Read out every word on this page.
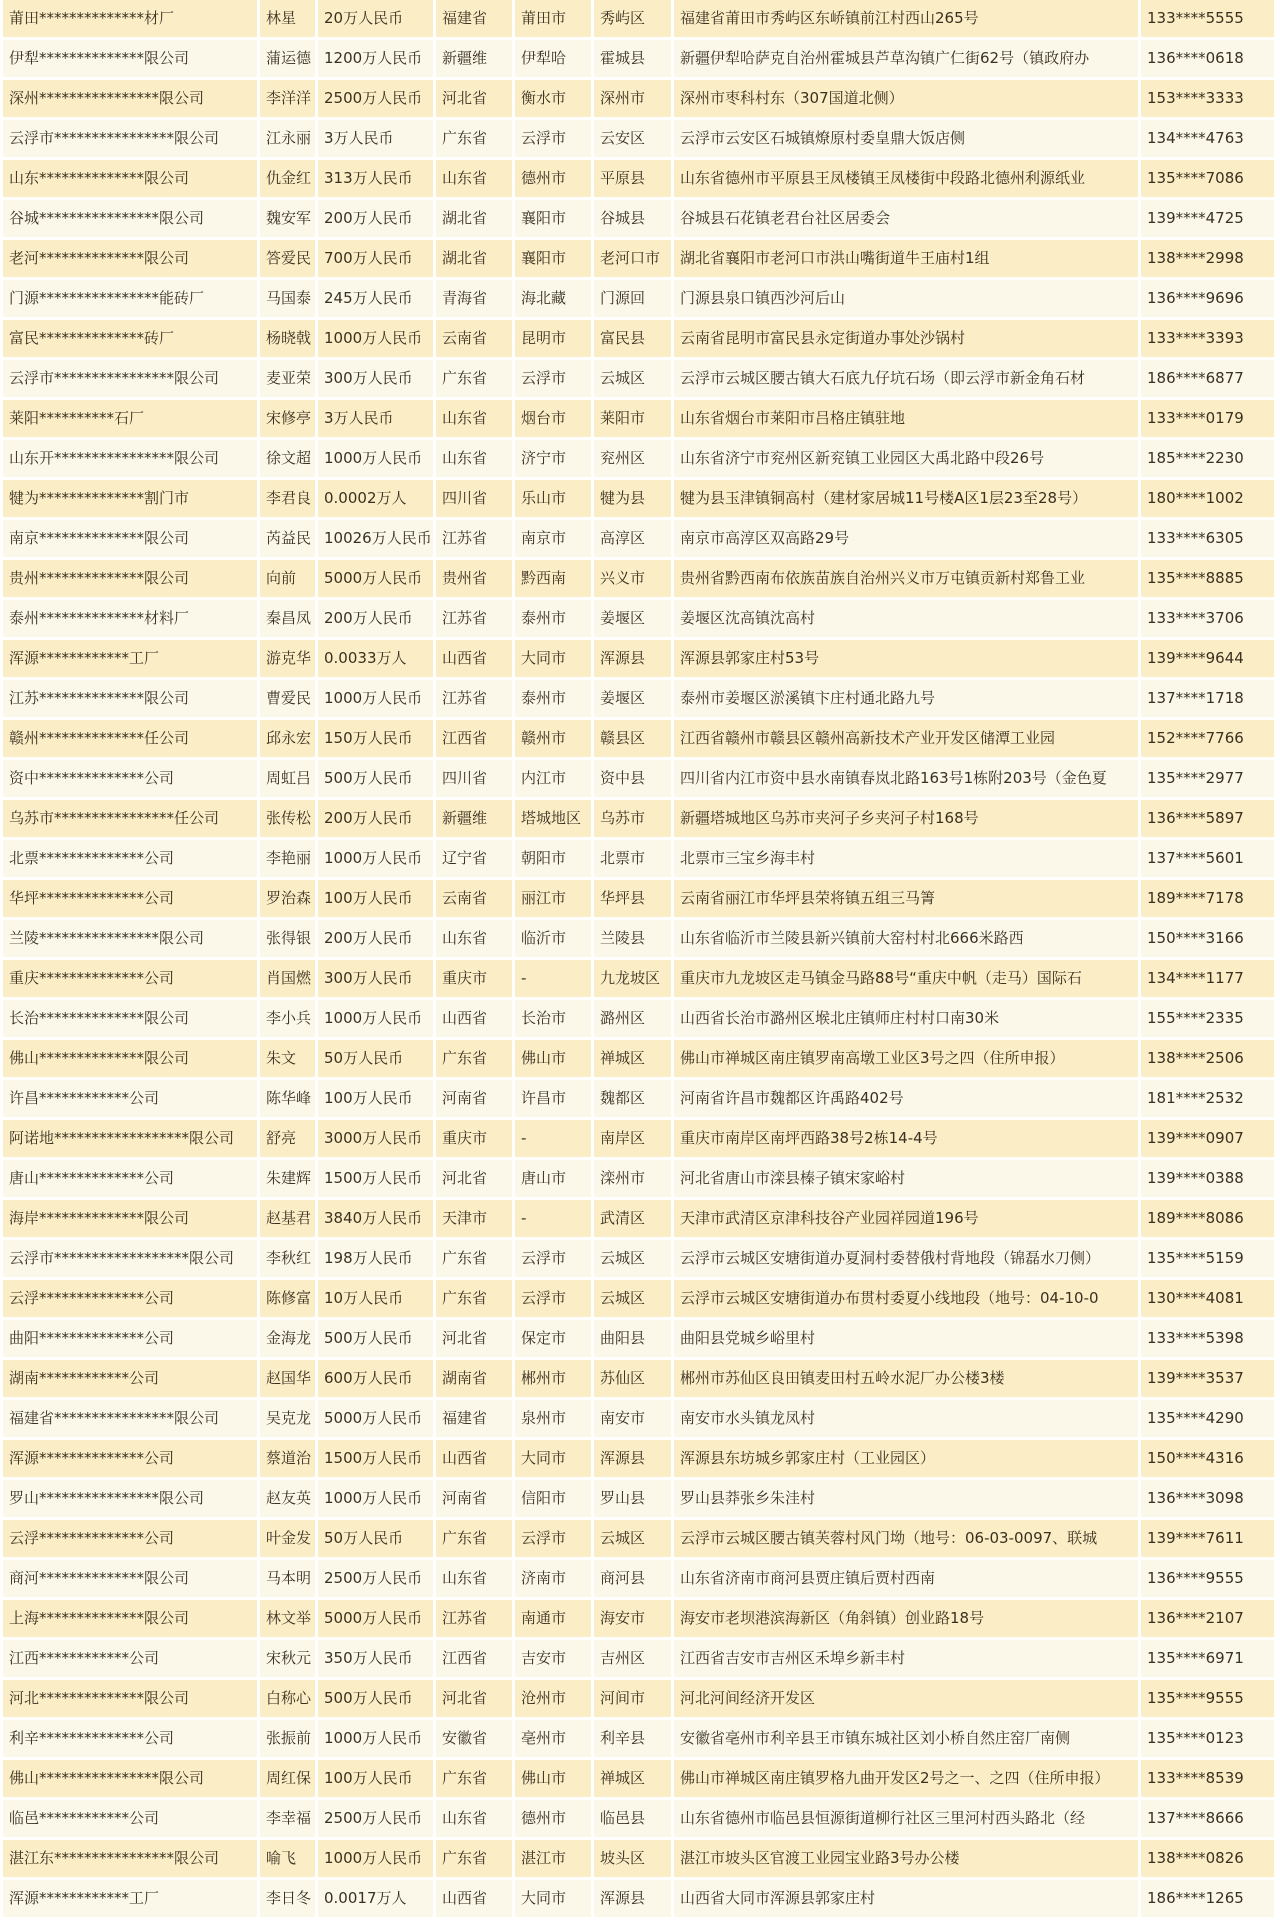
莆田**************材厂	林星	20万人民币	福建省	莆田市	秀屿区	福建省莆田市秀屿区东峤镇前江村西山265号	133****5555
伊犁**************限公司	蒲运德	1200万人民币	新疆维	伊犁哈	霍城县	新疆伊犁哈萨克自治州霍城县芦草沟镇广仁街62号（镇政府办	136****0618
深州****************限公司	李洋洋	2500万人民币	河北省	衡水市	深州市	深州市枣科村东（307国道北侧）	153****3333
云浮市****************限公司	江永丽	3万人民币	广东省	云浮市	云安区	云浮市云安区石城镇燎原村委皇鼎大饭店侧	134****4763
山东**************限公司	仇金红	313万人民币	山东省	德州市	平原县	山东省德州市平原县王凤楼镇王凤楼街中段路北德州利源纸业	135****7086
谷城****************限公司	魏安军	200万人民币	湖北省	襄阳市	谷城县	谷城县石花镇老君台社区居委会	139****4725
老河**************限公司	答爱民	700万人民币	湖北省	襄阳市	老河口市	湖北省襄阳市老河口市洪山嘴街道牛王庙村1组	138****2998
门源****************能砖厂	马国泰	245万人民币	青海省	海北藏	门源回	门源县泉口镇西沙河后山	136****9696
富民**************砖厂	杨晓戟	1000万人民币	云南省	昆明市	富民县	云南省昆明市富民县永定街道办事处沙锅村	133****3393
云浮市****************限公司	麦亚荣	300万人民币	广东省	云浮市	云城区	云浮市云城区腰古镇大石底九仔坑石场（即云浮市新金角石材	186****6877
莱阳**********石厂	宋修亭	3万人民币	山东省	烟台市	莱阳市	山东省烟台市莱阳市吕格庄镇驻地	133****0179
山东开****************限公司	徐文超	1000万人民币	山东省	济宁市	兖州区	山东省济宁市兖州区新兖镇工业园区大禹北路中段26号	185****2230
犍为**************割门市	李君良	0.0002万人	四川省	乐山市	犍为县	犍为县玉津镇铜高村（建材家居城11号楼A区1层23至28号）	180****1002
南京**************限公司	芮益民	10026万人民币	江苏省	南京市	高淳区	南京市高淳区双高路29号	133****6305
贵州**************限公司	向前	5000万人民币	贵州省	黔西南	兴义市	贵州省黔西南布依族苗族自治州兴义市万屯镇贡新村郑鲁工业	135****8885
泰州**************材料厂	秦昌凤	200万人民币	江苏省	泰州市	姜堰区	姜堰区沈高镇沈高村	133****3706
浑源************工厂	游克华	0.0033万人	山西省	大同市	浑源县	浑源县郭家庄村53号	139****9644
江苏**************限公司	曹爱民	1000万人民币	江苏省	泰州市	姜堰区	泰州市姜堰区淤溪镇卞庄村通北路九号	137****1718
赣州**************任公司	邱永宏	150万人民币	江西省	赣州市	赣县区	江西省赣州市赣县区赣州高新技术产业开发区储潭工业园	152****7766
资中**************公司	周虹吕	500万人民币	四川省	内江市	资中县	四川省内江市资中县水南镇春岚北路163号1栋附203号（金色夏	135****2977
乌苏市****************任公司	张传松	200万人民币	新疆维	塔城地区	乌苏市	新疆塔城地区乌苏市夹河子乡夹河子村168号	136****5897
北票**************公司	李艳丽	1000万人民币	辽宁省	朝阳市	北票市	北票市三宝乡海丰村	137****5601
华坪**************公司	罗治森	100万人民币	云南省	丽江市	华坪县	云南省丽江市华坪县荣将镇五组三马箐	189****7178
兰陵****************限公司	张得银	200万人民币	山东省	临沂市	兰陵县	山东省临沂市兰陵县新兴镇前大窑村村北666米路西	150****3166
重庆**************公司	肖国燃	300万人民币	重庆市	-	九龙坡区	重庆市九龙坡区走马镇金马路88号“重庆中帆（走马）国际石	134****1177
长治**************限公司	李小兵	1000万人民币	山西省	长治市	潞州区	山西省长治市潞州区堠北庄镇师庄村村口南30米	155****2335
佛山**************限公司	朱文	50万人民币	广东省	佛山市	禅城区	佛山市禅城区南庄镇罗南高墩工业区3号之四（住所申报）	138****2506
许昌************公司	陈华峰	100万人民币	河南省	许昌市	魏都区	河南省许昌市魏都区许禹路402号	181****2532
阿诺地******************限公司	舒亮	3000万人民币	重庆市	-	南岸区	重庆市南岸区南坪西路38号2栋14-4号	139****0907
唐山**************公司	朱建辉	1500万人民币	河北省	唐山市	滦州市	河北省唐山市滦县榛子镇宋家峪村	139****0388
海岸**************限公司	赵基君	3840万人民币	天津市	-	武清区	天津市武清区京津科技谷产业园祥园道196号	189****8086
云浮市******************限公司	李秋红	198万人民币	广东省	云浮市	云城区	云浮市云城区安塘街道办夏洞村委替俄村背地段（锦磊水刀侧）	135****5159
云浮**************公司	陈修富	10万人民币	广东省	云浮市	云城区	云浮市云城区安塘街道办布贯村委夏小线地段（地号：04-10-0	130****4081
曲阳**************公司	金海龙	500万人民币	河北省	保定市	曲阳县	曲阳县党城乡峪里村	133****5398
湖南************公司	赵国华	600万人民币	湖南省	郴州市	苏仙区	郴州市苏仙区良田镇麦田村五岭水泥厂办公楼3楼	139****3537
福建省****************限公司	吴克龙	5000万人民币	福建省	泉州市	南安市	南安市水头镇龙凤村	135****4290
浑源**************公司	蔡道治	1500万人民币	山西省	大同市	浑源县	浑源县东坊城乡郭家庄村（工业园区）	150****4316
罗山****************限公司	赵友英	1000万人民币	河南省	信阳市	罗山县	罗山县莽张乡朱洼村	136****3098
云浮**************公司	叶金发	50万人民币	广东省	云浮市	云城区	云浮市云城区腰古镇芙蓉村风门坳（地号：06-03-0097、联城	139****7611
商河**************限公司	马本明	2500万人民币	山东省	济南市	商河县	山东省济南市商河县贾庄镇后贾村西南	136****9555
上海**************限公司	林文举	5000万人民币	江苏省	南通市	海安市	海安市老坝港滨海新区（角斜镇）创业路18号	136****2107
江西************公司	宋秋元	350万人民币	江西省	吉安市	吉州区	江西省吉安市吉州区禾埠乡新丰村	135****6971
河北**************限公司	白称心	500万人民币	河北省	沧州市	河间市	河北河间经济开发区	135****9555
利辛**************公司	张振前	1000万人民币	安徽省	亳州市	利辛县	安徽省亳州市利辛县王市镇东城社区刘小桥自然庄窑厂南侧	135****0123
佛山****************限公司	周红保	100万人民币	广东省	佛山市	禅城区	佛山市禅城区南庄镇罗格九曲开发区2号之一、之四（住所申报）	133****8539
临邑************公司	李幸福	2500万人民币	山东省	德州市	临邑县	山东省德州市临邑县恒源街道柳行社区三里河村西头路北（经	137****8666
湛江东****************限公司	喻飞	1000万人民币	广东省	湛江市	坡头区	湛江市坡头区官渡工业园宝业路3号办公楼	138****0826
浑源************工厂	李日冬	0.0017万人	山西省	大同市	浑源县	山西省大同市浑源县郭家庄村	186****1265
